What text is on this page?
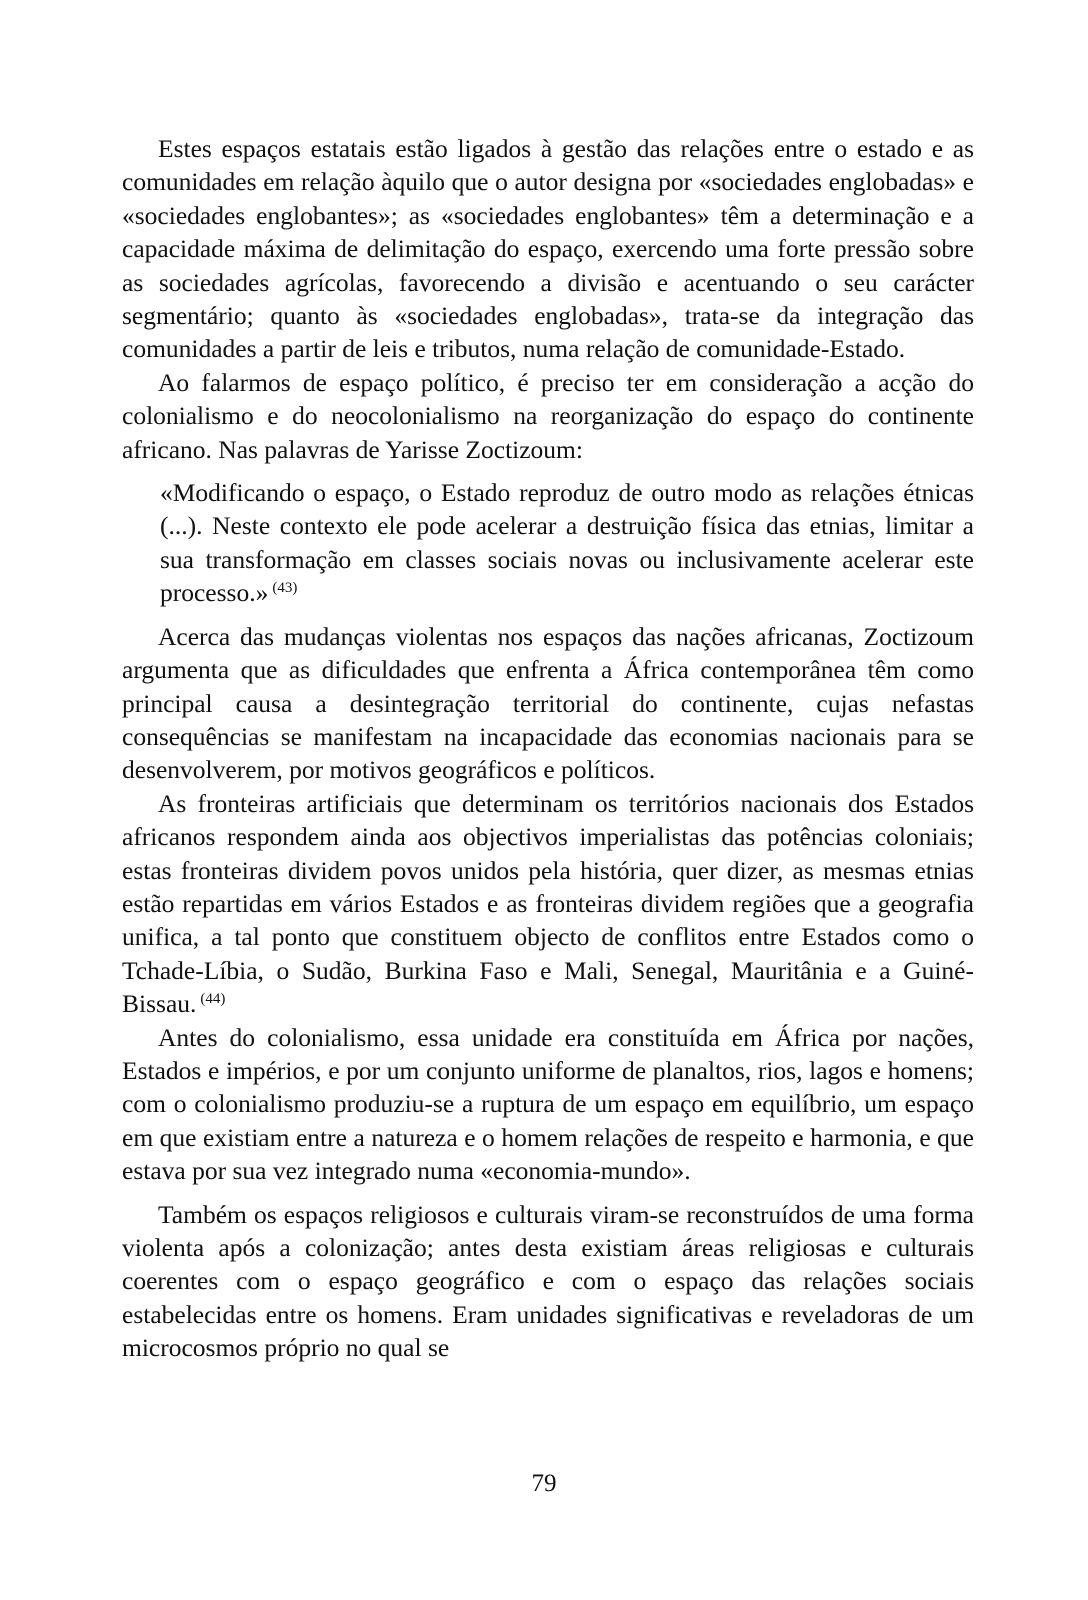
Estes espaços estatais estão ligados à gestão das relações entre o estado e as comunidades em relação àquilo que o autor designa por «sociedades englobadas» e «sociedades englobantes»; as «sociedades englobantes» têm a determinação e a capacidade máxima de delimitação do espaço, exercendo uma forte pressão sobre as sociedades agrícolas, favorecendo a divisão e acentuando o seu carácter segmentário; quanto às «sociedades englobadas», trata-se da integração das comunidades a partir de leis e tributos, numa relação de comunidade-Estado.

Ao falarmos de espaço político, é preciso ter em consideração a acção do colonialismo e do neocolonialismo na reorganização do espaço do continente africano. Nas palavras de Yarisse Zoctizoum:

«Modificando o espaço, o Estado reproduz de outro modo as relações étnicas (...). Neste contexto ele pode acelerar a destruição física das etnias, limitar a sua transformação em classes sociais novas ou inclusivamente acelerar este processo.» $^{(43)}$

Acerca das mudanças violentas nos espaços das nações africanas, Zoctizoum argumenta que as dificuldades que enfrenta a África contemporânea têm como principal causa a desintegração territorial do continente, cujas nefastas consequências se manifestam na incapacidade das economias nacionais para se desenvolverem, por motivos geográficos e políticos.

As fronteiras artificiais que determinam os territórios nacionais dos Estados africanos respondem ainda aos objectivos imperialistas das potências coloniais; estas fronteiras dividem povos unidos pela história, quer dizer, as mesmas etnias estão repartidas em vários Estados e as fronteiras dividem regiões que a geografia unifica, a tal ponto que constituem objecto de conflitos entre Estados como o Tchade-Líbia, o Sudão, Burkina Faso e Mali, Senegal, Mauritânia e a Guiné-Bissau. $^{(44)}$

Antes do colonialismo, essa unidade era constituída em África por nações, Estados e impérios, e por um conjunto uniforme de planaltos, rios, lagos e homens; com o colonialismo produziu-se a ruptura de um espaço em equilíbrio, um espaço em que existiam entre a natureza e o homem relações de respeito e harmonia, e que estava por sua vez integrado numa «economia-mundo».

Também os espaços religiosos e culturais viram-se reconstruídos de uma forma violenta após a colonização; antes desta existiam áreas religiosas e culturais coerentes com o espaço geográfico e com o espaço das relações sociais estabelecidas entre os homens. Eram unidades significativas e reveladoras de um microcosmos próprio no qual se

79
